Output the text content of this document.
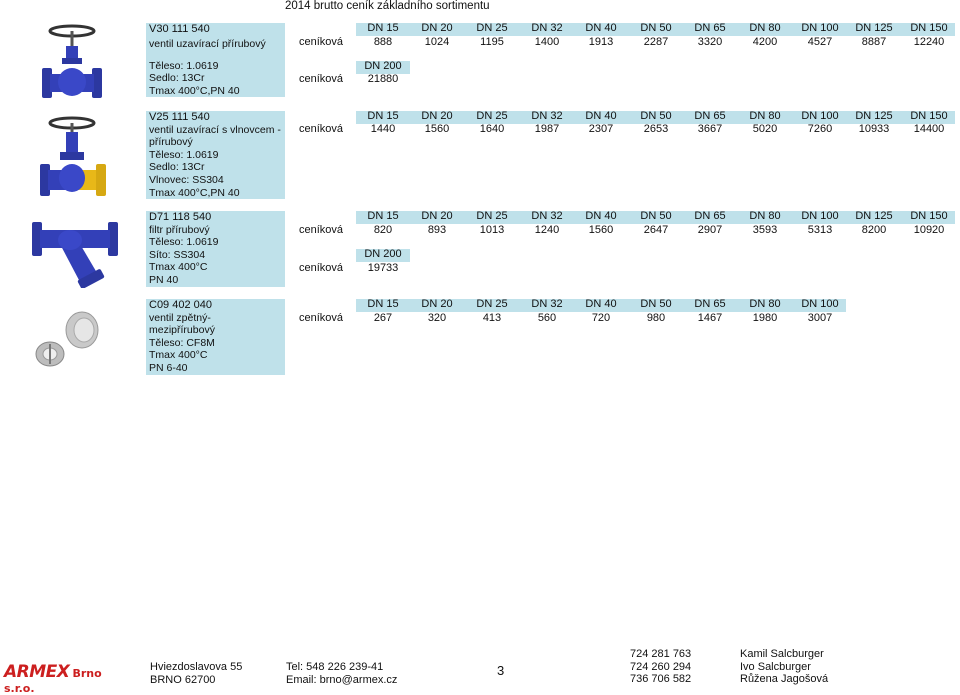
2014 brutto ceník základního sortimentu
V30 111 540
ventil uzavírací přírubový
Těleso: 1.0619
Sedlo: 13Cr
Tmax 400°C,PN 40
DN 15	DN 20	DN 25	DN 32	DN 40	DN 50	DN 65	DN 80	DN 100	DN 125	DN 150
ceníková	888	1024	1195	1400	1913	2287	3320	4200	4527	8887	12240
DN 200
ceníková	21880
V25 111 540
ventil uzavírací s vlnovcem -
přírubový
Těleso: 1.0619
Sedlo: 13Cr
Vlnovec: SS304
Tmax 400°C,PN 40
DN 15	DN 20	DN 25	DN 32	DN 40	DN 50	DN 65	DN 80	DN 100	DN 125	DN 150
ceníková	1440	1560	1640	1987	2307	2653	3667	5020	7260	10933	14400
D71 118 540
filtr přírubový
Těleso: 1.0619
Síto: SS304
Tmax 400°C
PN 40
DN 15	DN 20	DN 25	DN 32	DN 40	DN 50	DN 65	DN 80	DN 100	DN 125	DN 150
ceníková	820	893	1013	1240	1560	2647	2907	3593	5313	8200	10920
DN 200
ceníková	19733
C09 402 040
ventil zpětný-
mezipřírubový
Těleso: CF8M
Tmax 400°C
PN 6-40
DN 15	DN 20	DN 25	DN 32	DN 40	DN 50	DN 65	DN 80	DN 100
ceníková	267	320	413	560	720	980	1467	1980	3007
ARMEX Brno s.r.o.
Hviezdoslavova 55
BRNO 62700
Tel: 548 226 239-41
Email: brno@armex.cz
3
724 281 763
724 260 294
736 706 582
Kamil Salcburger
Ivo Salcburger
Růžena Jagošová
